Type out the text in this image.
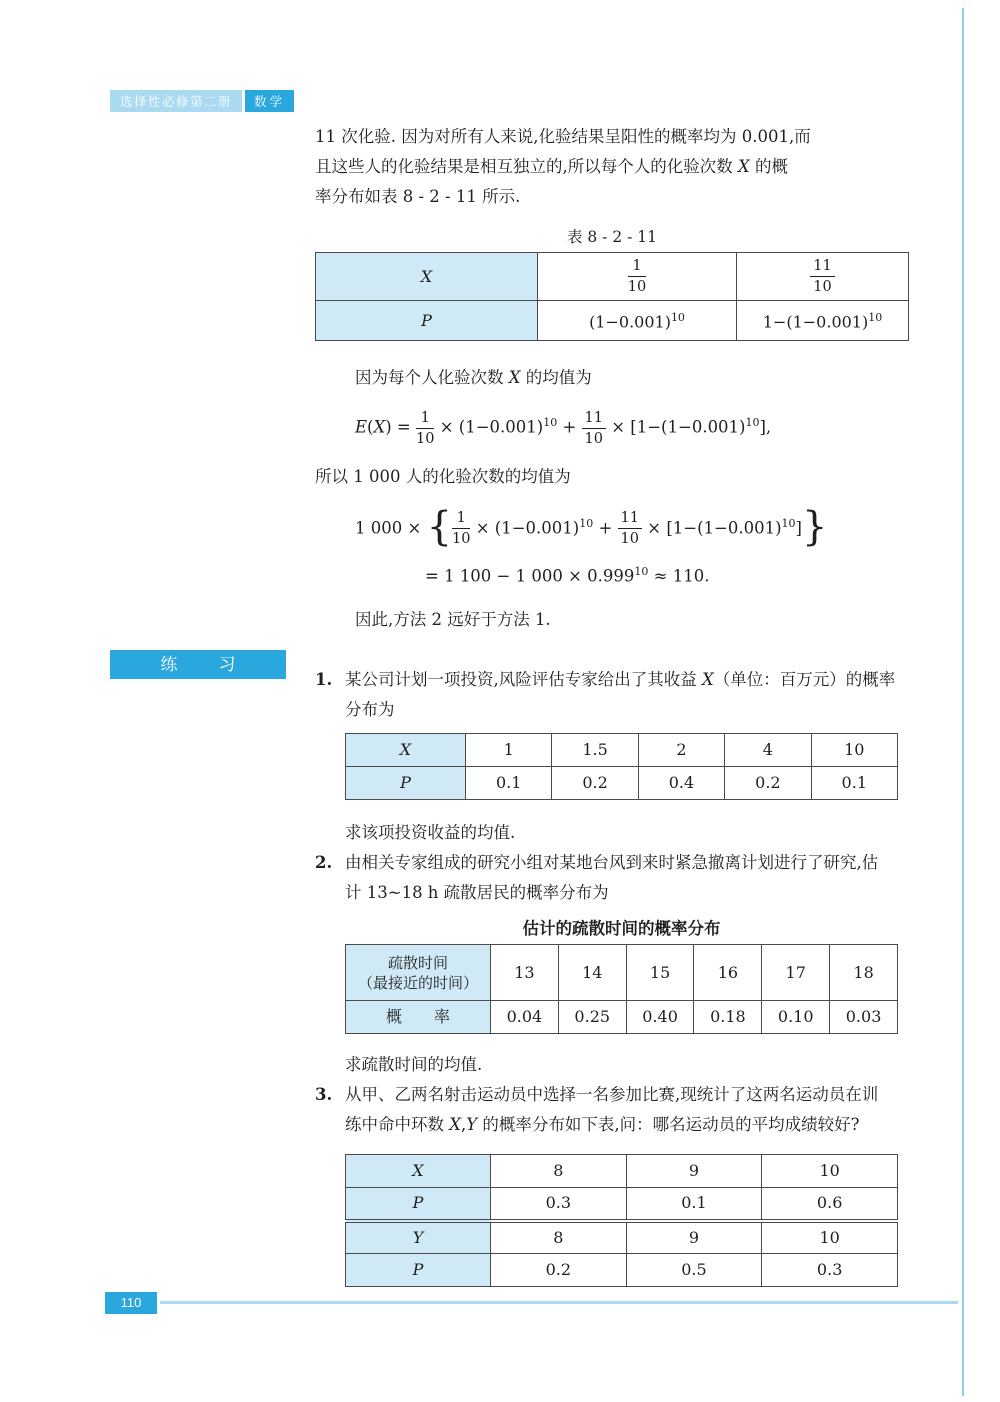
选择性必修第二册	数学
练　习
11 次化验. 因为对所有人来说,化验结果呈阳性的概率均为 0.001,而
且这些人的化验结果是相互独立的,所以每个人的化验次数 X 的概
率分布如表 8 - 2 - 11 所示.
表 8 - 2 - 11
X	$\frac{1}{10}$	$\frac{11}{10}$

P	$(1-0.001)^{10}$	$1-(1-0.001)^{10}$
因为每个人化验次数 X 的均值为
$E(X) = \frac{1}{10} \times (1-0.001)^{10} + \frac{11}{10} \times [1-(1-0.001)^{10}]$,
所以 1 000 人的化验次数的均值为
1 000 × { $\frac{1}{10} \times (1-0.001)^{10} + \frac{11}{10} \times [1-(1-0.001)^{10}]$}
= 1 100 − 1 $000 \times 0.999^{10} \approx 110$.
因此,方法 2 远好于方法 1.
1. 某公司计划一项投资,风险评估专家给出了其收益 X（单位：百万元）的概率
分布为
X	1	1.5	2	4	10
P	0.1	0.2	0.4	0.2	0.1
求该项投资收益的均值.
2. 由相关专家组成的研究小组对某地台风到来时紧急撤离计划进行了研究,估
计 13~18 h 疏散居民的概率分布为
估计的疏散时间的概率分布
疏散时间
（最接近的时间）	13	14	15	16	17	18
概　　率	0.04	0.25	0.40	0.18	0.10	0.03
求疏散时间的均值.
3. 从甲、乙两名射击运动员中选择一名参加比赛,现统计了这两名运动员在训
练中命中环数 X,Y 的概率分布如下表,问：哪名运动员的平均成绩较好?
X	8	9	10
P	0.3	0.1	0.6
Y	8	9	10
P	0.2	0.5	0.3
110
